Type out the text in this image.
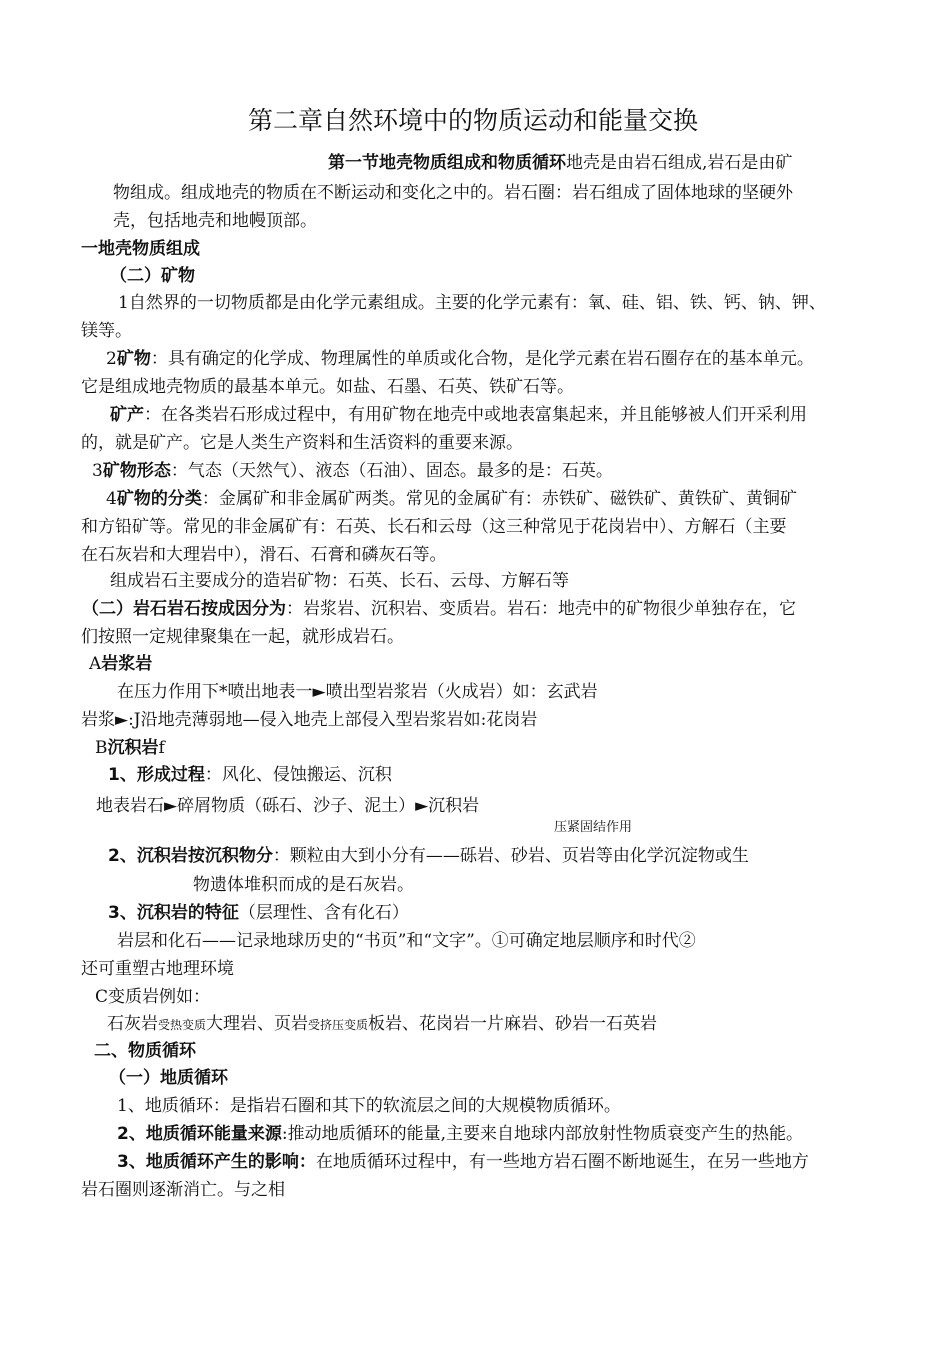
第二章自然环境中的物质运动和能量交换
第一节地壳物质组成和物质循环地壳是由岩石组成,岩石是由矿
物组成。组成地壳的物质在不断运动和变化之中的。岩石圈：岩石组成了固体地球的坚硬外
壳，包括地壳和地幔顶部。
一地壳物质组成
（二）矿物
1自然界的一切物质都是由化学元素组成。主要的化学元素有：氧、硅、铝、铁、钙、钠、钾、
镁等。
2矿物：具有确定的化学成、物理属性的单质或化合物，是化学元素在岩石圈存在的基本单元。
它是组成地壳物质的最基本单元。如盐、石墨、石英、铁矿石等。
矿产：在各类岩石形成过程中，有用矿物在地壳中或地表富集起来，并且能够被人们开采利用
的，就是矿产。它是人类生产资料和生活资料的重要来源。
3矿物形态：气态（天然气）、液态（石油）、固态。最多的是：石英。
4矿物的分类：金属矿和非金属矿两类。常见的金属矿有：赤铁矿、磁铁矿、黄铁矿、黄铜矿
和方铅矿等。常见的非金属矿有：石英、长石和云母（这三种常见于花岗岩中）、方解石（主要
在石灰岩和大理岩中），滑石、石膏和磷灰石等。
组成岩石主要成分的造岩矿物：石英、长石、云母、方解石等
（二）岩石岩石按成因分为：岩浆岩、沉积岩、变质岩。岩石：地壳中的矿物很少单独存在，它
们按照一定规律聚集在一起，就形成岩石。
A岩浆岩
在压力作用下*喷出地表一►喷出型岩浆岩（火成岩）如：玄武岩
岩浆►:J沿地壳薄弱地—侵入地壳上部侵入型岩浆岩如:花岗岩
B沉积岩f
1、形成过程：风化、侵蚀搬运、沉积
地表岩石►碎屑物质（砾石、沙子、泥土）►沉积岩
压紧固结作用
2、沉积岩按沉积物分：颗粒由大到小分有——砾岩、砂岩、页岩等由化学沉淀物或生
物遗体堆积而成的是石灰岩。
3、沉积岩的特征（层理性、含有化石）
岩层和化石——记录地球历史的“书页”和“文字”。①可确定地层顺序和时代②
还可重塑古地理环境
C变质岩例如：
石灰岩受热变质大理岩、页岩受挤压变质板岩、花岗岩一片麻岩、砂岩一石英岩
二、物质循环
（一）地质循环
1、地质循环：是指岩石圈和其下的软流层之间的大规模物质循环。
2、地质循环能量来源:推动地质循环的能量,主要来自地球内部放射性物质衰变产生的热能。
3、地质循环产生的影响：在地质循环过程中，有一些地方岩石圈不断地诞生，在另一些地方
岩石圈则逐渐消亡。与之相
